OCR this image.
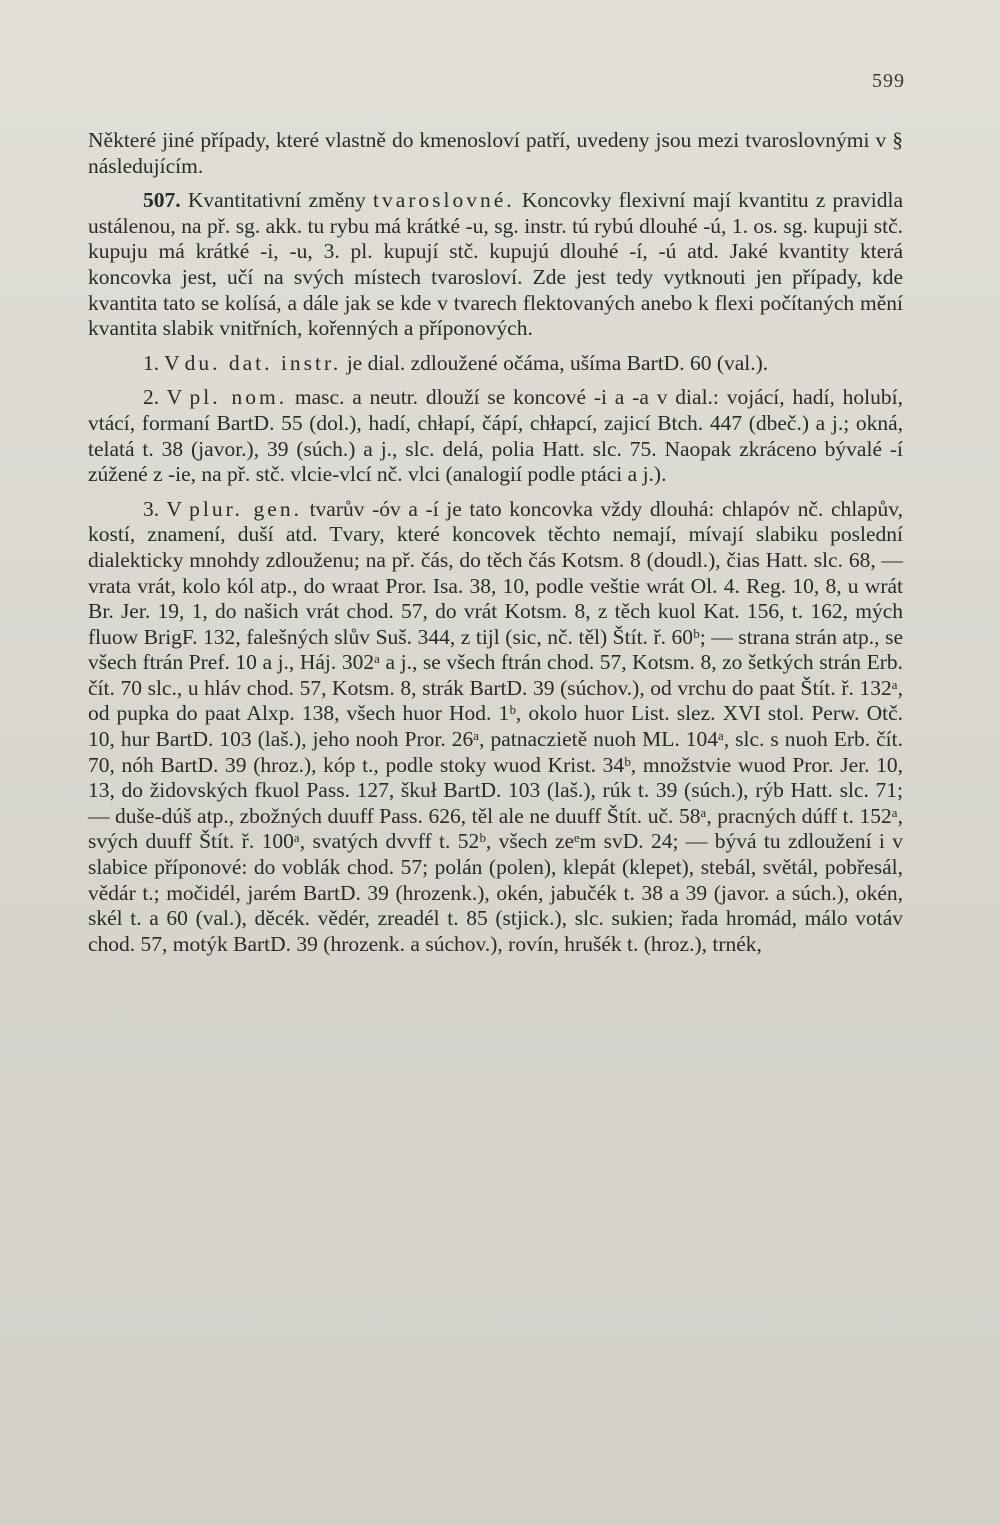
599

Některé jiné případy, které vlastně do kmenosloví patří, uvedeny jsou mezi tvaroslovnými v § následujícím.

507. Kvantitativní změny tvaroslovné. Koncovky flexivní mají kvantitu z pravidla ustálenou, na př. sg. akk. tu rybu má krátké -u, sg. instr. tú rybú dlouhé -ú, 1. os. sg. kupuji stč. kupuju má krátké -i, -u, 3. pl. kupují stč. kupujú dlouhé -í, -ú atd. Jaké kvantity která koncovka jest, učí na svých místech tvarosloví. Zde jest tedy vytknouti jen případy, kde kvantita tato se kolísá, a dále jak se kde v tvarech flektovaných anebo k flexi počítaných mění kvantita slabik vnitřních, kořenných a příponových.

1. V du. dat. instr. je dial. zdloužené očáma, ušíma BartD. 60 (val.).

2. V pl. nom. masc. a neutr. dlouží se koncové -i a -a v dial.: vojácí, hadí, holubí, vtácí, formaní BartD. 55 (dol.), hadí, chłapí, čápí, chłapcí, zajicí Btch. 447 (dbeč.) a j.; okná, telatá t. 38 (javor.), 39 (súch.) a j., slc. delá, polia Hatt. slc. 75. Naopak zkráceno bývalé -í zúžené z -ie, na př. stč. vlcie-vlcí nč. vlci (analogií podle ptáci a j.).

3. V plur. gen. tvarův -óv a -í je tato koncovka vždy dlouhá: chlapóv nč. chlapův, kostí, znamení, duší atd. Tvary, které koncovek těchto nemají, mívají slabiku poslední dialekticky mnohdy zdlouženu; na př. čás, do těch čás Kotsm. 8 (doudl.), čias Hatt. slc. 68, — vrata vrát, kolo kól atp., do wraat Pror. Isa. 38, 10, podle veštie wrát Ol. 4. Reg. 10, 8, u wrát Br. Jer. 19, 1, do našich vrát chod. 57, do vrát Kotsm. 8, z těch kuol Kat. 156, t. 162, mých fluow BrigF. 132, falešných slův Suš. 344, z tijl (sic, nč. těl) Štít. ř. 60ᵇ; — strana strán atp., se všech ftrán Pref. 10 a j., Háj. 302ᵃ a j., se všech ftrán chod. 57, Kotsm. 8, zo šetkých strán Erb. čít. 70 slc., u hláv chod. 57, Kotsm. 8, strák BartD. 39 (súchov.), od vrchu do paat Štít. ř. 132ᵃ, od pupka do paat Alxp. 138, všech huor Hod. 1ᵇ, okolo huor List. slez. XVI stol. Perw. Otč. 10, hur BartD. 103 (laš.), jeho nooh Pror. 26ᵃ, patnaczietě nuoh ML. 104ᵃ, slc. s nuoh Erb. čít. 70, nóh BartD. 39 (hroz.), kóp t., podle stoky wuod Krist. 34ᵇ, množstvie wuod Pror. Jer. 10, 13, do židovských fkuol Pass. 127, škuł BartD. 103 (laš.), rúk t. 39 (súch.), rýb Hatt. slc. 71; — duše-dúš atp., zbožných duuff Pass. 626, těl ale ne duuff Štít. uč. 58ᵃ, pracných dúff t. 152ᵃ, svých duuff Štít. ř. 100ᵃ, svatých dvvff t. 52ᵇ, všech zeᵉm svD. 24; — bývá tu zdloužení i v slabice příponové: do voblák chod. 57; polán (polen), klepát (klepet), stebál, světál, pobřesál, vědár t.; močidél, jarém BartD. 39 (hrozenk.), okén, jabučék t. 38 a 39 (javor. a súch.), okén, skél t. a 60 (val.), děcék. vědér, zreadél t. 85 (stjick.), slc. sukien; řada hromád, málo votáv chod. 57, motýk BartD. 39 (hrozenk. a súchov.), rovín, hrušék t. (hroz.), trnék,
